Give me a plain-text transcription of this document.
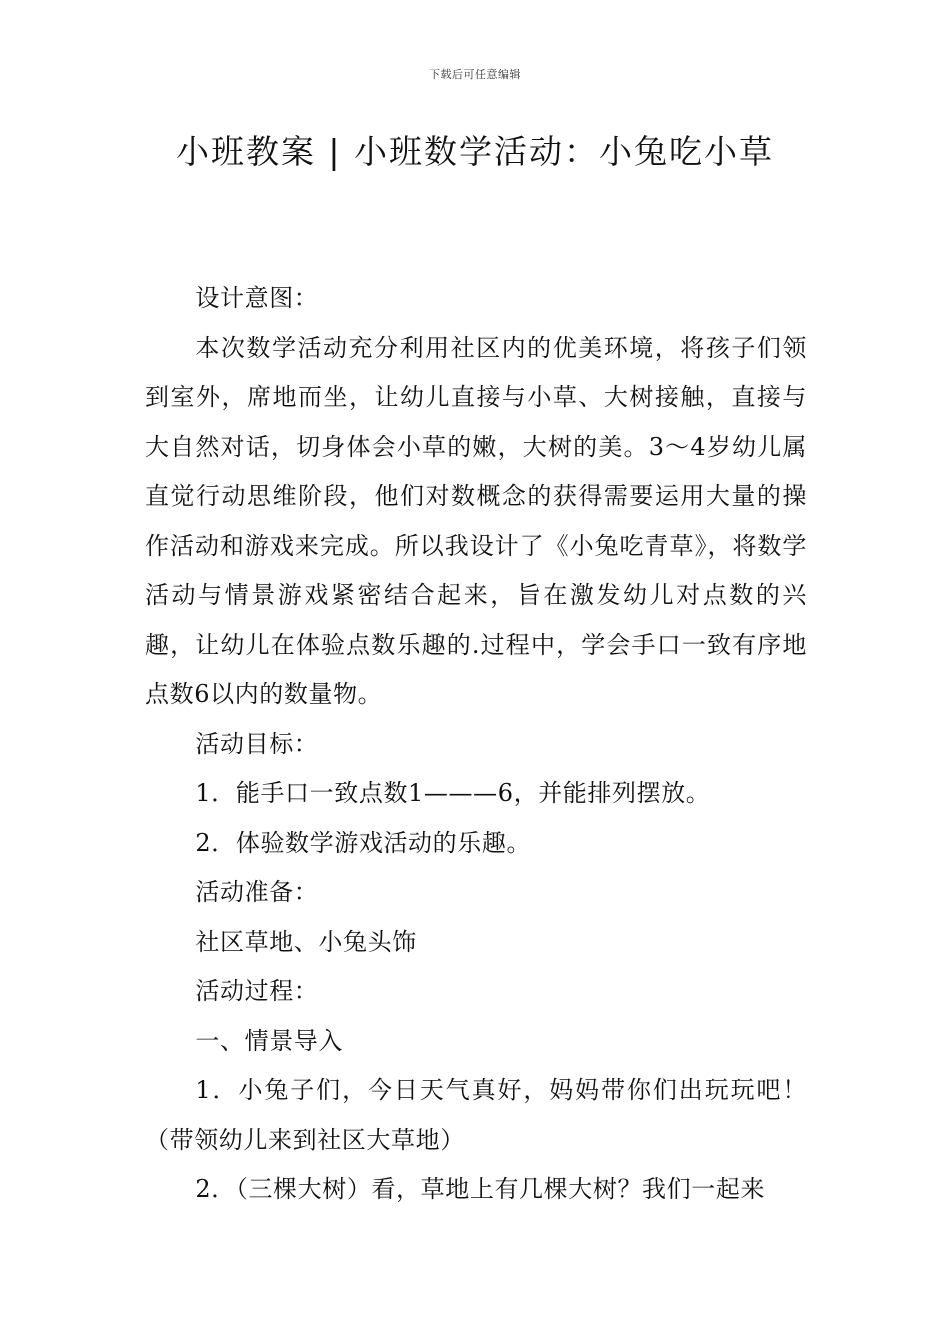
下载后可任意编辑
小班教案 | 小班数学活动：小兔吃小草

设计意图：

本次数学活动充分利用社区内的优美环境，将孩子们领到室外，席地而坐，让幼儿直接与小草、大树接触，直接与大自然对话，切身体会小草的嫩，大树的美。3～4岁幼儿属直觉行动思维阶段，他们对数概念的获得需要运用大量的操作活动和游戏来完成。所以我设计了《小兔吃青草》，将数学活动与情景游戏紧密结合起来，旨在激发幼儿对点数的兴趣，让幼儿在体验点数乐趣的.过程中，学会手口一致有序地点数6以内的数量物。

活动目标：

1．能手口一致点数1———6，并能排列摆放。

2．体验数学游戏活动的乐趣。

活动准备：

社区草地、小兔头饰

活动过程：

一、情景导入

1．小兔子们，今日天气真好，妈妈带你们出玩玩吧！（带领幼儿来到社区大草地）

2．（三棵大树）看，草地上有几棵大树？我们一起来
